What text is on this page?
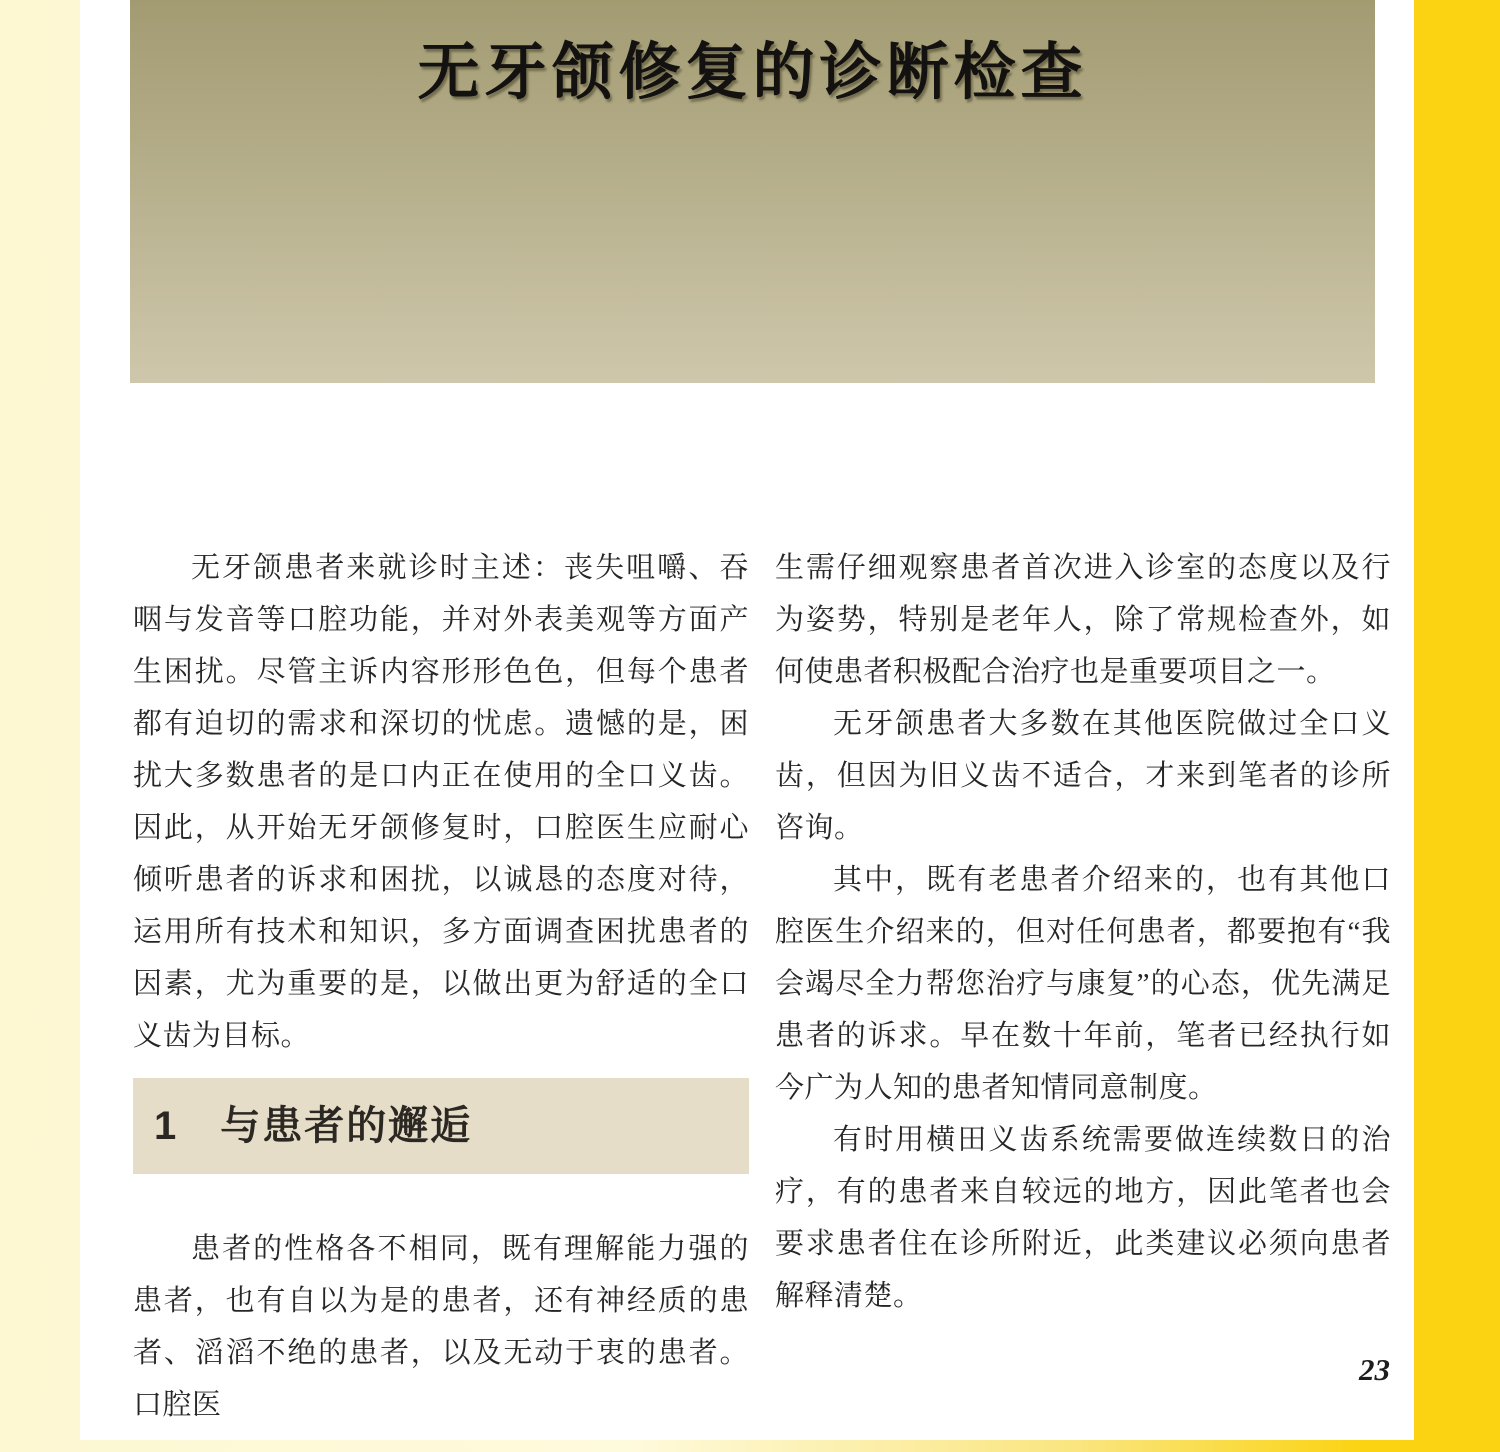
无牙颌修复的诊断检查

无牙颌患者来就诊时主述：丧失咀嚼、吞咽与发音等口腔功能，并对外表美观等方面产生困扰。尽管主诉内容形形色色，但每个患者都有迫切的需求和深切的忧虑。遗憾的是，困扰大多数患者的是口内正在使用的全口义齿。因此，从开始无牙颌修复时，口腔医生应耐心倾听患者的诉求和困扰，以诚恳的态度对待，运用所有技术和知识，多方面调查困扰患者的因素，尤为重要的是，以做出更为舒适的全口义齿为目标。

1 与患者的邂逅

患者的性格各不相同，既有理解能力强的患者，也有自以为是的患者，还有神经质的患者、滔滔不绝的患者，以及无动于衷的患者。口腔医

生需仔细观察患者首次进入诊室的态度以及行为姿势，特别是老年人，除了常规检查外，如何使患者积极配合治疗也是重要项目之一。

无牙颌患者大多数在其他医院做过全口义齿，但因为旧义齿不适合，才来到笔者的诊所咨询。

其中，既有老患者介绍来的，也有其他口腔医生介绍来的，但对任何患者，都要抱有“我会竭尽全力帮您治疗与康复”的心态，优先满足患者的诉求。早在数十年前，笔者已经执行如今广为人知的患者知情同意制度。

有时用横田义齿系统需要做连续数日的治疗，有的患者来自较远的地方，因此笔者也会要求患者住在诊所附近，此类建议必须向患者解释清楚。

23
